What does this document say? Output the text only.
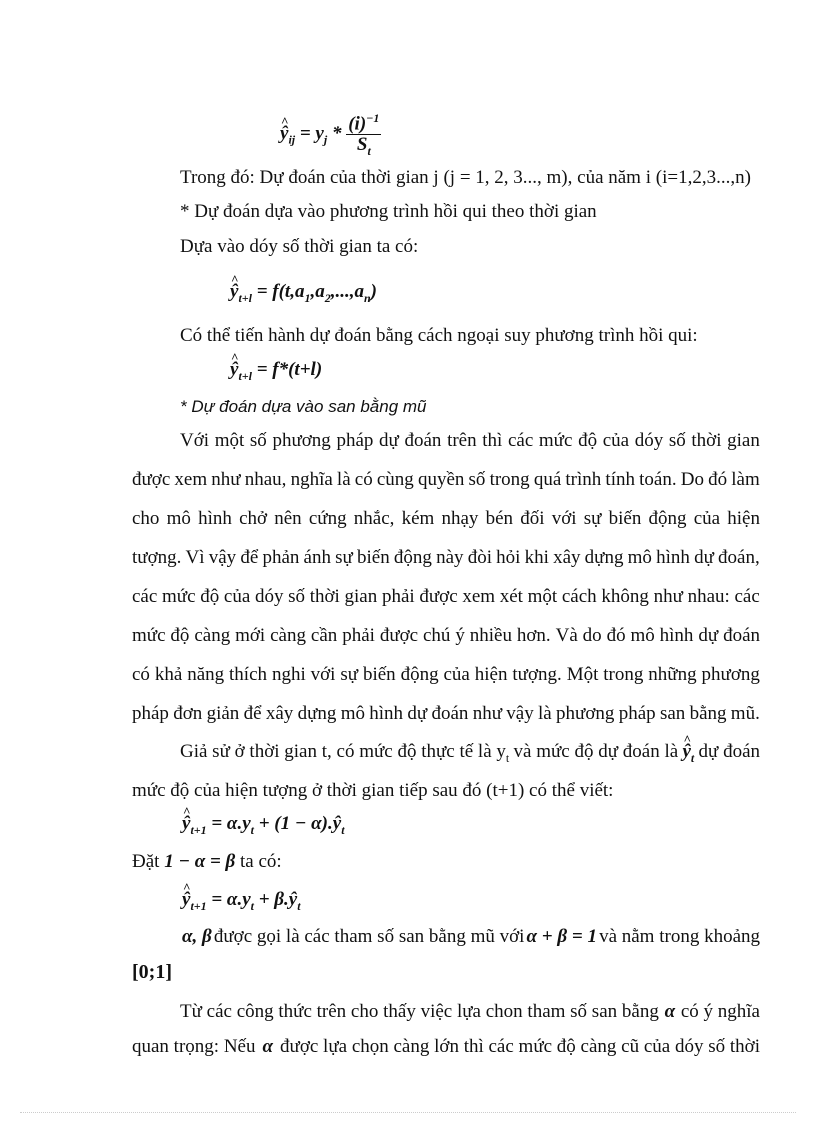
^ $ŷ_{ij} = y_j * \frac{(i)^{-1}}{S_t}$
Trong đó: Dự đoán của thời gian j (j = 1, 2, 3..., m), của năm i (i=1,2,3...,n)
* Dự đoán dựa vào phương trình hồi qui theo thời gian
Dựa vào dóy số thời gian ta có:
^ $ŷ_{t+l} = f(t,a_1,a_2,...,a_n)$
Có thể tiến hành dự đoán bằng cách ngoại suy phương trình hồi qui:
^ $ŷ_{t+l} = f*(t+l)$
* Dự đoán dựa vào san bằng mũ
Với một số phương pháp dự đoán trên thì các mức độ của dóy số thời gian
được xem như nhau, nghĩa là có cùng quyền số trong quá trình tính toán. Do đó làm
cho mô hình chở nên cứng nhắc, kém nhạy bén đối với sự biến động của hiện
tượng. Vì vậy để phản ánh sự biến động này đòi hỏi khi xây dựng mô hình dự đoán,
các mức độ của dóy số thời gian phải được xem xét một cách không như nhau: các
mức độ càng mới càng cần phải được chú ý nhiều hơn. Và do đó mô hình dự đoán
có khả năng thích nghi với sự biến động của hiện tượng. Một trong những phương
pháp đơn giản để xây dựng mô hình dự đoán như vậy là phương pháp san bằng mũ.
Giả sử ở thời gian t, có mức độ thực tế là $y_t$ và mức độ dự đoán là
^ $ŷ_t$ dự đoán
mức độ của hiện tượng ở thời gian tiếp sau đó (t+1) có thể viết:
^ $ŷ_{t+1} = \alpha.y_t + (1$ − $\alpha).ŷ_t$
Đặt 1 − α = β ta có:
^ $ŷ_{t+1} = \alpha.y_t$ + $\beta.ŷ_t$
α, β được gọi là các tham số san bằng mũ với α + β = 1 và nằm trong khoảng
[0;1]
Từ các công thức trên cho thấy việc lựa chon tham số san bằng α có ý nghĩa
quan trọng: Nếu α được lựa chọn càng lớn thì các mức độ càng cũ của dóy số thời
